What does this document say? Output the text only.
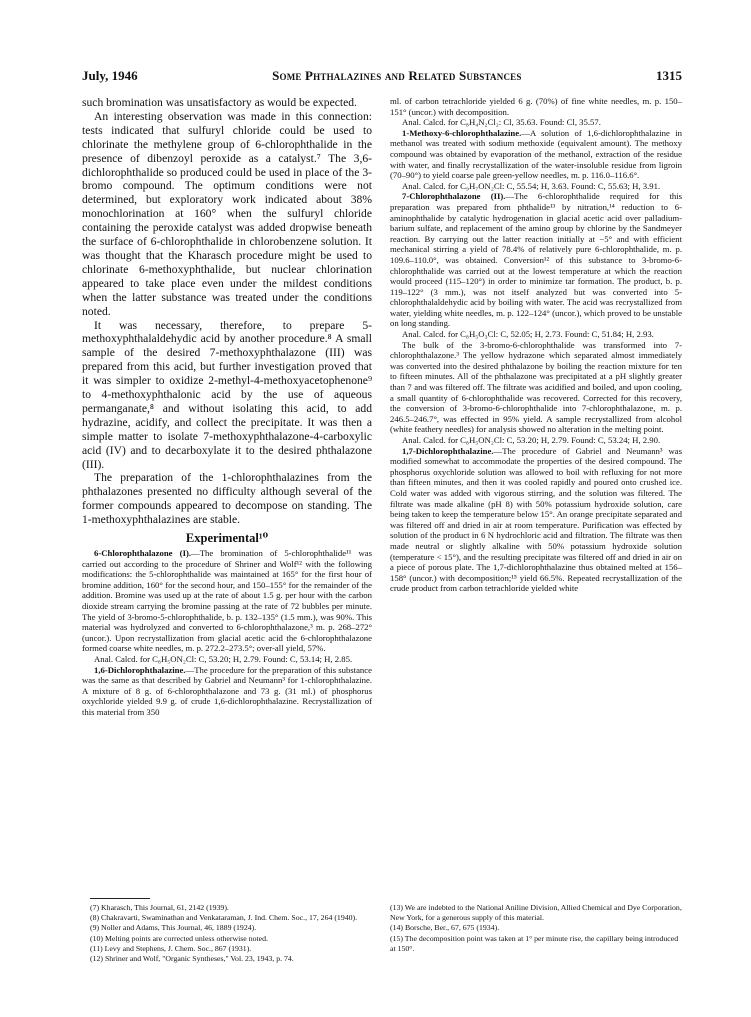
July, 1946	Some Phthalazines and Related Substances	1315

such bromination was unsatisfactory as would be expected.

An interesting observation was made in this connection: tests indicated that sulfuryl chloride could be used to chlorinate the methylene group of 6-chlorophthalide in the presence of dibenzoyl peroxide as a catalyst.⁷ The 3,6-dichlorophthalide so produced could be used in place of the 3-bromo compound. The optimum conditions were not determined, but exploratory work indicated about 38% monochlorination at 160° when the sulfuryl chloride containing the peroxide catalyst was added dropwise beneath the surface of 6-chlorophthalide in chlorobenzene solution. It was thought that the Kharasch procedure might be used to chlorinate 6-methoxyphthalide, but nuclear chlorination appeared to take place even under the mildest conditions when the latter substance was treated under the conditions noted.

It was necessary, therefore, to prepare 5-methoxyphthalaldehydic acid by another procedure.⁸ A small sample of the desired 7-methoxyphthalazone (III) was prepared from this acid, but further investigation proved that it was simpler to oxidize 2-methyl-4-methoxyacetophenone⁹ to 4-methoxyphthalonic acid by the use of aqueous permanganate,⁸ and without isolating this acid, to add hydrazine, acidify, and collect the precipitate. It was then a simple matter to isolate 7-methoxyphthalazone-4-carboxylic acid (IV) and to decarboxylate it to the desired phthalazone (III).

The preparation of the 1-chlorophthalazines from the phthalazones presented no difficulty although several of the former compounds appeared to decompose on standing. The 1-methoxyphthalazines are stable.

Experimental¹⁰

6-Chlorophthalazone (I).—The bromination of 5-chlorophthalide¹¹ was carried out according to the procedure of Shriner and Wolf¹² with the following modifications: the 5-chlorophthalide was maintained at 165° for the first hour of bromine addition, 160° for the second hour, and 150–155° for the remainder of the addition. Bromine was used up at the rate of about 1.5 g. per hour with the carbon dioxide stream carrying the bromine passing at the rate of 72 bubbles per minute. The yield of 3-bromo-5-chlorophthalide, b. p. 132–135° (1.5 mm.), was 90%. This material was hydrolyzed and converted to 6-chlorophthalazone,³ m. p. 268–272° (uncor.). Upon recrystallization from glacial acetic acid the 6-chlorophthalazone formed coarse white needles, m. p. 272.2–273.5°; over-all yield, 57%.

Anal. Calcd. for C₈H₅ON₂Cl: C, 53.20; H, 2.79. Found: C, 53.14; H, 2.85.

1,6-Dichlorophthalazine.—The procedure for the preparation of this substance was the same as that described by Gabriel and Neumann³ for 1-chlorophthalazine. A mixture of 8 g. of 6-chlorophthalazone and 73 g. (31 ml.) of phosphorus oxychloride yielded 9.9 g. of crude 1,6-dichlorophthalazine. Recrystallization of this material from 350

ml. of carbon tetrachloride yielded 6 g. (70%) of fine white needles, m. p. 150–151° (uncor.) with decomposition.

Anal. Calcd. for C₈H₄N₂Cl₂: Cl, 35.63. Found: Cl, 35.57.

1-Methoxy-6-chlorophthalazine.—A solution of 1,6-dichlorophthalazine in methanol was treated with sodium methoxide (equivalent amount). The methoxy compound was obtained by evaporation of the methanol, extraction of the residue with water, and finally recrystallization of the water-insoluble residue from ligroin (70–90°) to yield coarse pale green-yellow needles, m. p. 116.0–116.6°.

Anal. Calcd. for C₉H₇ON₂Cl: C, 55.54; H, 3.63. Found: C, 55.63; H, 3.91.

7-Chlorophthalazone (II).—The 6-chlorophthalide required for this preparation was prepared from phthalide¹³ by nitration,¹⁴ reduction to 6-aminophthalide by catalytic hydrogenation in glacial acetic acid over palladium-barium sulfate, and replacement of the amino group by chlorine by the Sandmeyer reaction. By carrying out the latter reaction initially at −5° and with efficient mechanical stirring a yield of 78.4% of relatively pure 6-chlorophthalide, m. p. 109.6–110.0°, was obtained. Conversion¹² of this substance to 3-bromo-6-chlorophthalide was carried out at the lowest temperature at which the reaction would proceed (115–120°) in order to minimize tar formation. The product, b. p. 119–122° (3 mm.), was not itself analyzed but was converted into 5-chlorophthalaldehydic acid by boiling with water. The acid was recrystallized from water, yielding white needles, m. p. 122–124° (uncor.), which proved to be unstable on long standing.

Anal. Calcd. for C₈H₅O₃Cl: C, 52.05; H, 2.73. Found: C, 51.84; H, 2.93.

The bulk of the 3-bromo-6-chlorophthalide was transformed into 7-chlorophthalazone.³ The yellow hydrazone which separated almost immediately was converted into the desired phthalazone by boiling the reaction mixture for ten to fifteen minutes. All of the phthalazone was precipitated at a pH slightly greater than 7 and was filtered off. The filtrate was acidified and boiled, and upon cooling, a small quantity of 6-chlorophthalide was recovered. Corrected for this recovery, the conversion of 3-bromo-6-chlorophthalide into 7-chlorophthalazone, m. p. 246.5–246.7°, was effected in 95% yield. A sample recrystallized from alcohol (white feathery needles) for analysis showed no alteration in the melting point.

Anal. Calcd. for C₈H₅ON₂Cl: C, 53.20; H, 2.79. Found: C, 53.24; H, 2.90.

1,7-Dichlorophthalazine.—The procedure of Gabriel and Neumann³ was modified somewhat to accommodate the properties of the desired compound. The phosphorus oxychloride solution was allowed to boil with refluxing for not more than fifteen minutes, and then it was cooled rapidly and poured onto crushed ice. Cold water was added with vigorous stirring, and the solution was filtered. The filtrate was made alkaline (pH 8) with 50% potassium hydroxide solution, care being taken to keep the temperature below 15°. An orange precipitate separated and was filtered off and dried in air at room temperature. Purification was effected by solution of the product in 6 N hydrochloric acid and filtration. The filtrate was then made neutral or slightly alkaline with 50% potassium hydroxide solution (temperature < 15°), and the resulting precipitate was filtered off and dried in air on a piece of porous plate. The 1,7-dichlorophthalazine thus obtained melted at 156–158° (uncor.) with decomposition;¹⁵ yield 66.5%. Repeated recrystallization of the crude product from carbon tetrachloride yielded white

(7) Kharasch, This Journal, 61, 2142 (1939).
(8) Chakravarti, Swaminathan and Venkataraman, J. Ind. Chem. Soc., 17, 264 (1940).
(9) Noller and Adams, This Journal, 46, 1889 (1924).
(10) Melting points are corrected unless otherwise noted.
(11) Levy and Stephens, J. Chem. Soc., 867 (1931).
(12) Shriner and Wolf, "Organic Syntheses," Vol. 23, 1943, p. 74.
(13) We are indebted to the National Aniline Division, Allied Chemical and Dye Corporation, New York, for a generous supply of this material.
(14) Borsche, Ber., 67, 675 (1934).
(15) The decomposition point was taken at 1° per minute rise, the capillary being introduced at 150°.
